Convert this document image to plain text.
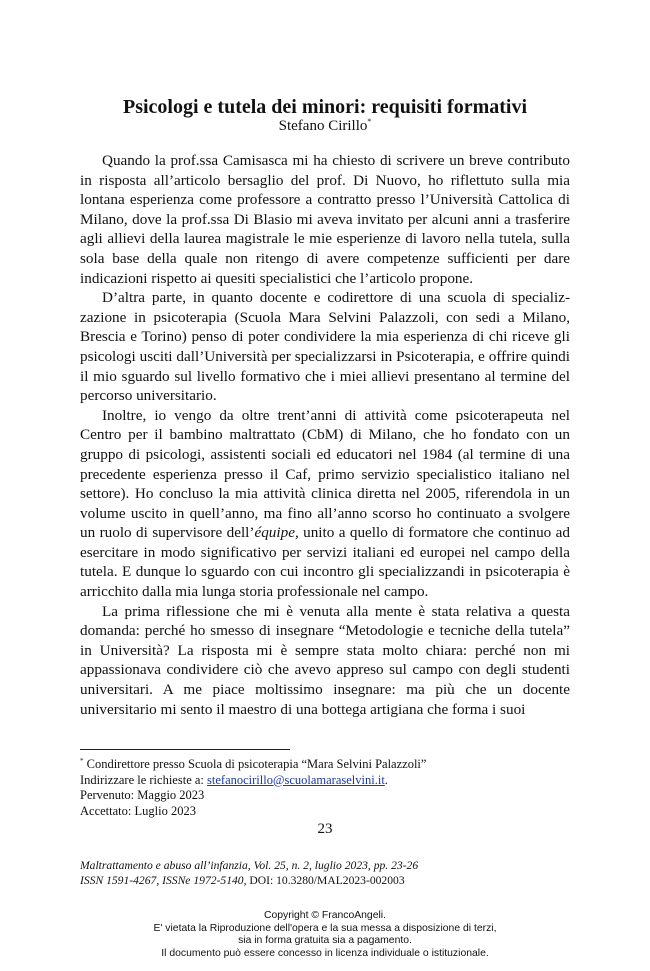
Psicologi e tutela dei minori: requisiti formativi
Stefano Cirillo*

Quando la prof.ssa Camisasca mi ha chiesto di scrivere un breve contributo in risposta all’articolo bersaglio del prof. Di Nuovo, ho riflettuto sulla mia lontana esperienza come professore a contratto presso l’Università Cattolica di Milano, dove la prof.ssa Di Blasio mi aveva invitato per alcuni anni a trasferire agli allievi della laurea magistrale le mie esperienze di lavoro nella tutela, sulla sola base della quale non ritengo di avere competenze sufficienti per dare indicazioni rispetto ai quesiti specialistici che l’articolo propone.

D’altra parte, in quanto docente e codirettore di una scuola di specializzazione in psicoterapia (Scuola Mara Selvini Palazzoli, con sedi a Milano, Brescia e Torino) penso di poter condividere la mia esperienza di chi riceve gli psicologi usciti dall’Università per specializzarsi in Psicoterapia, e offrire quindi il mio sguardo sul livello formativo che i miei allievi presentano al termine del percorso universitario.

Inoltre, io vengo da oltre trent’anni di attività come psicoterapeuta nel Centro per il bambino maltrattato (CbM) di Milano, che ho fondato con un gruppo di psicologi, assistenti sociali ed educatori nel 1984 (al termine di una precedente esperienza presso il Caf, primo servizio specialistico italiano nel settore). Ho concluso la mia attività clinica diretta nel 2005, riferendola in un volume uscito in quell’anno, ma fino all’anno scorso ho continuato a svolgere un ruolo di supervisore dell’équipe, unito a quello di formatore che continuo ad esercitare in modo significativo per servizi italiani ed europei nel campo della tutela. E dunque lo sguardo con cui incontro gli specializzandi in psicoterapia è arricchito dalla mia lunga storia professionale nel campo.

La prima riflessione che mi è venuta alla mente è stata relativa a questa domanda: perché ho smesso di insegnare “Metodologie e tecniche della tutela” in Università? La risposta mi è sempre stata molto chiara: perché non mi appassionava condividere ciò che avevo appreso sul campo con degli studenti universitari. A me piace moltissimo insegnare: ma più che un docente universitario mi sento il maestro di una bottega artigiana che forma i suoi

* Condirettore presso Scuola di psicoterapia “Mara Selvini Palazzoli”
Indirizzare le richieste a: stefanocirillo@scuolamaraselvini.it.
Pervenuto: Maggio 2023
Accettato: Luglio 2023
23
Maltrattamento e abuso all’infanzia, Vol. 25, n. 2, luglio 2023, pp. 23-26
ISSN 1591-4267, ISSNe 1972-5140, DOI: 10.3280/MAL2023-002003
Copyright © FrancoAngeli.
E' vietata la Riproduzione dell'opera e la sua messa a disposizione di terzi,
sia in forma gratuita sia a pagamento.
Il documento può essere concesso in licenza individuale o istituzionale.
